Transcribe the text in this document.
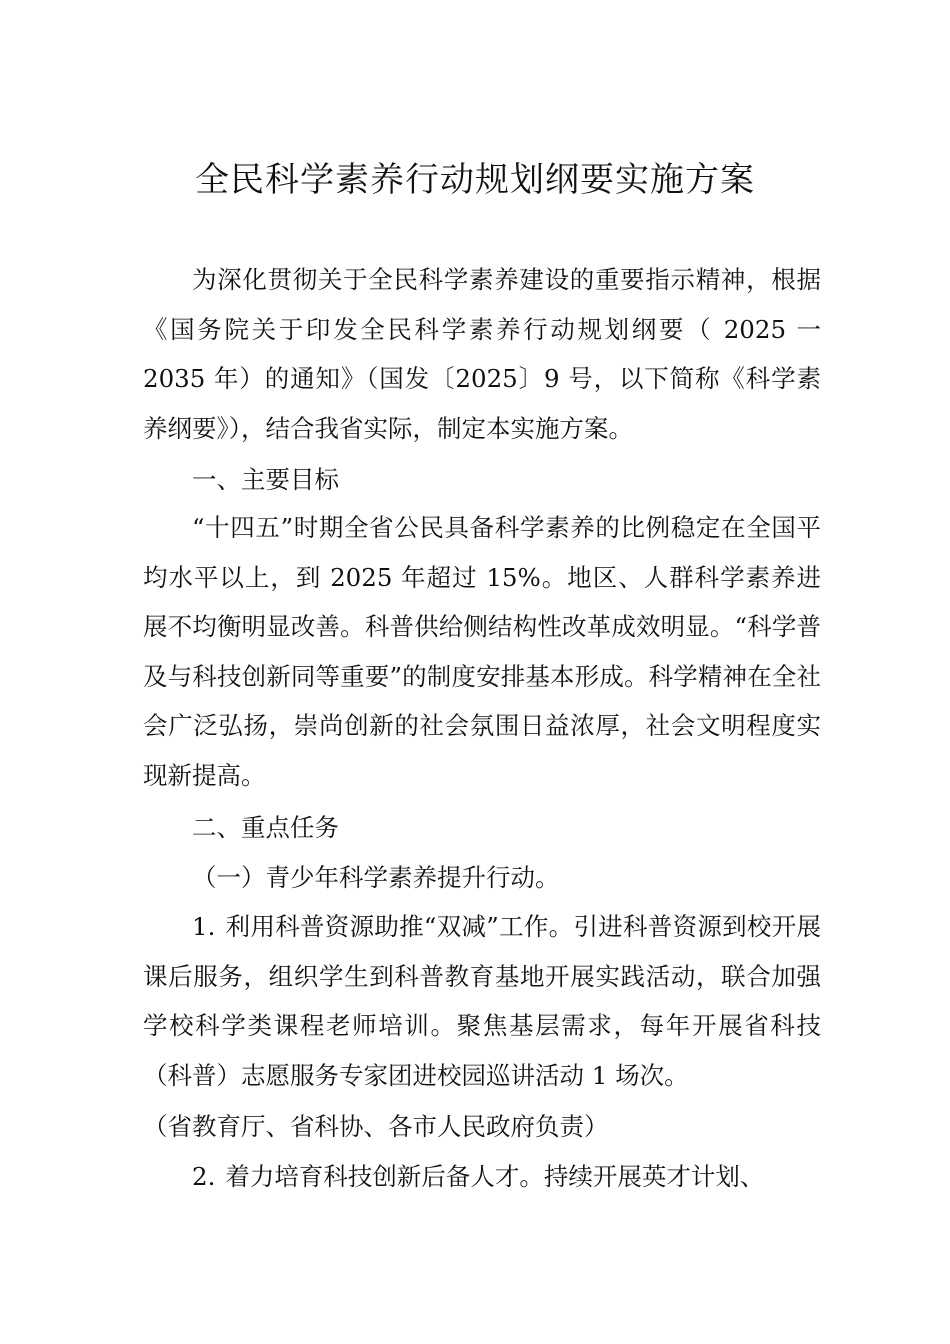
全民科学素养行动规划纲要实施方案

为深化贯彻关于全民科学素养建设的重要指示精神，根据《国务院关于印发全民科学素养行动规划纲要（ 2025 一 2035 年）的通知》（国发〔2025〕9 号，以下简称《科学素养纲要》），结合我省实际，制定本实施方案。

一、主要目标

“十四五”时期全省公民具备科学素养的比例稳定在全国平均水平以上，到 2025 年超过 15%。地区、人群科学素养进展不均衡明显改善。科普供给侧结构性改革成效明显。“科学普及与科技创新同等重要”的制度安排基本形成。科学精神在全社会广泛弘扬，崇尚创新的社会氛围日益浓厚，社会文明程度实现新提高。

二、重点任务

（一）青少年科学素养提升行动。

1. 利用科普资源助推“双减”工作。引进科普资源到校开展课后服务，组织学生到科普教育基地开展实践活动，联合加强学校科学类课程老师培训。聚焦基层需求，每年开展省科技（科普）志愿服务专家团进校园巡讲活动 1 场次。

（省教育厅、省科协、各市人民政府负责）

2. 着力培育科技创新后备人才。持续开展英才计划、
